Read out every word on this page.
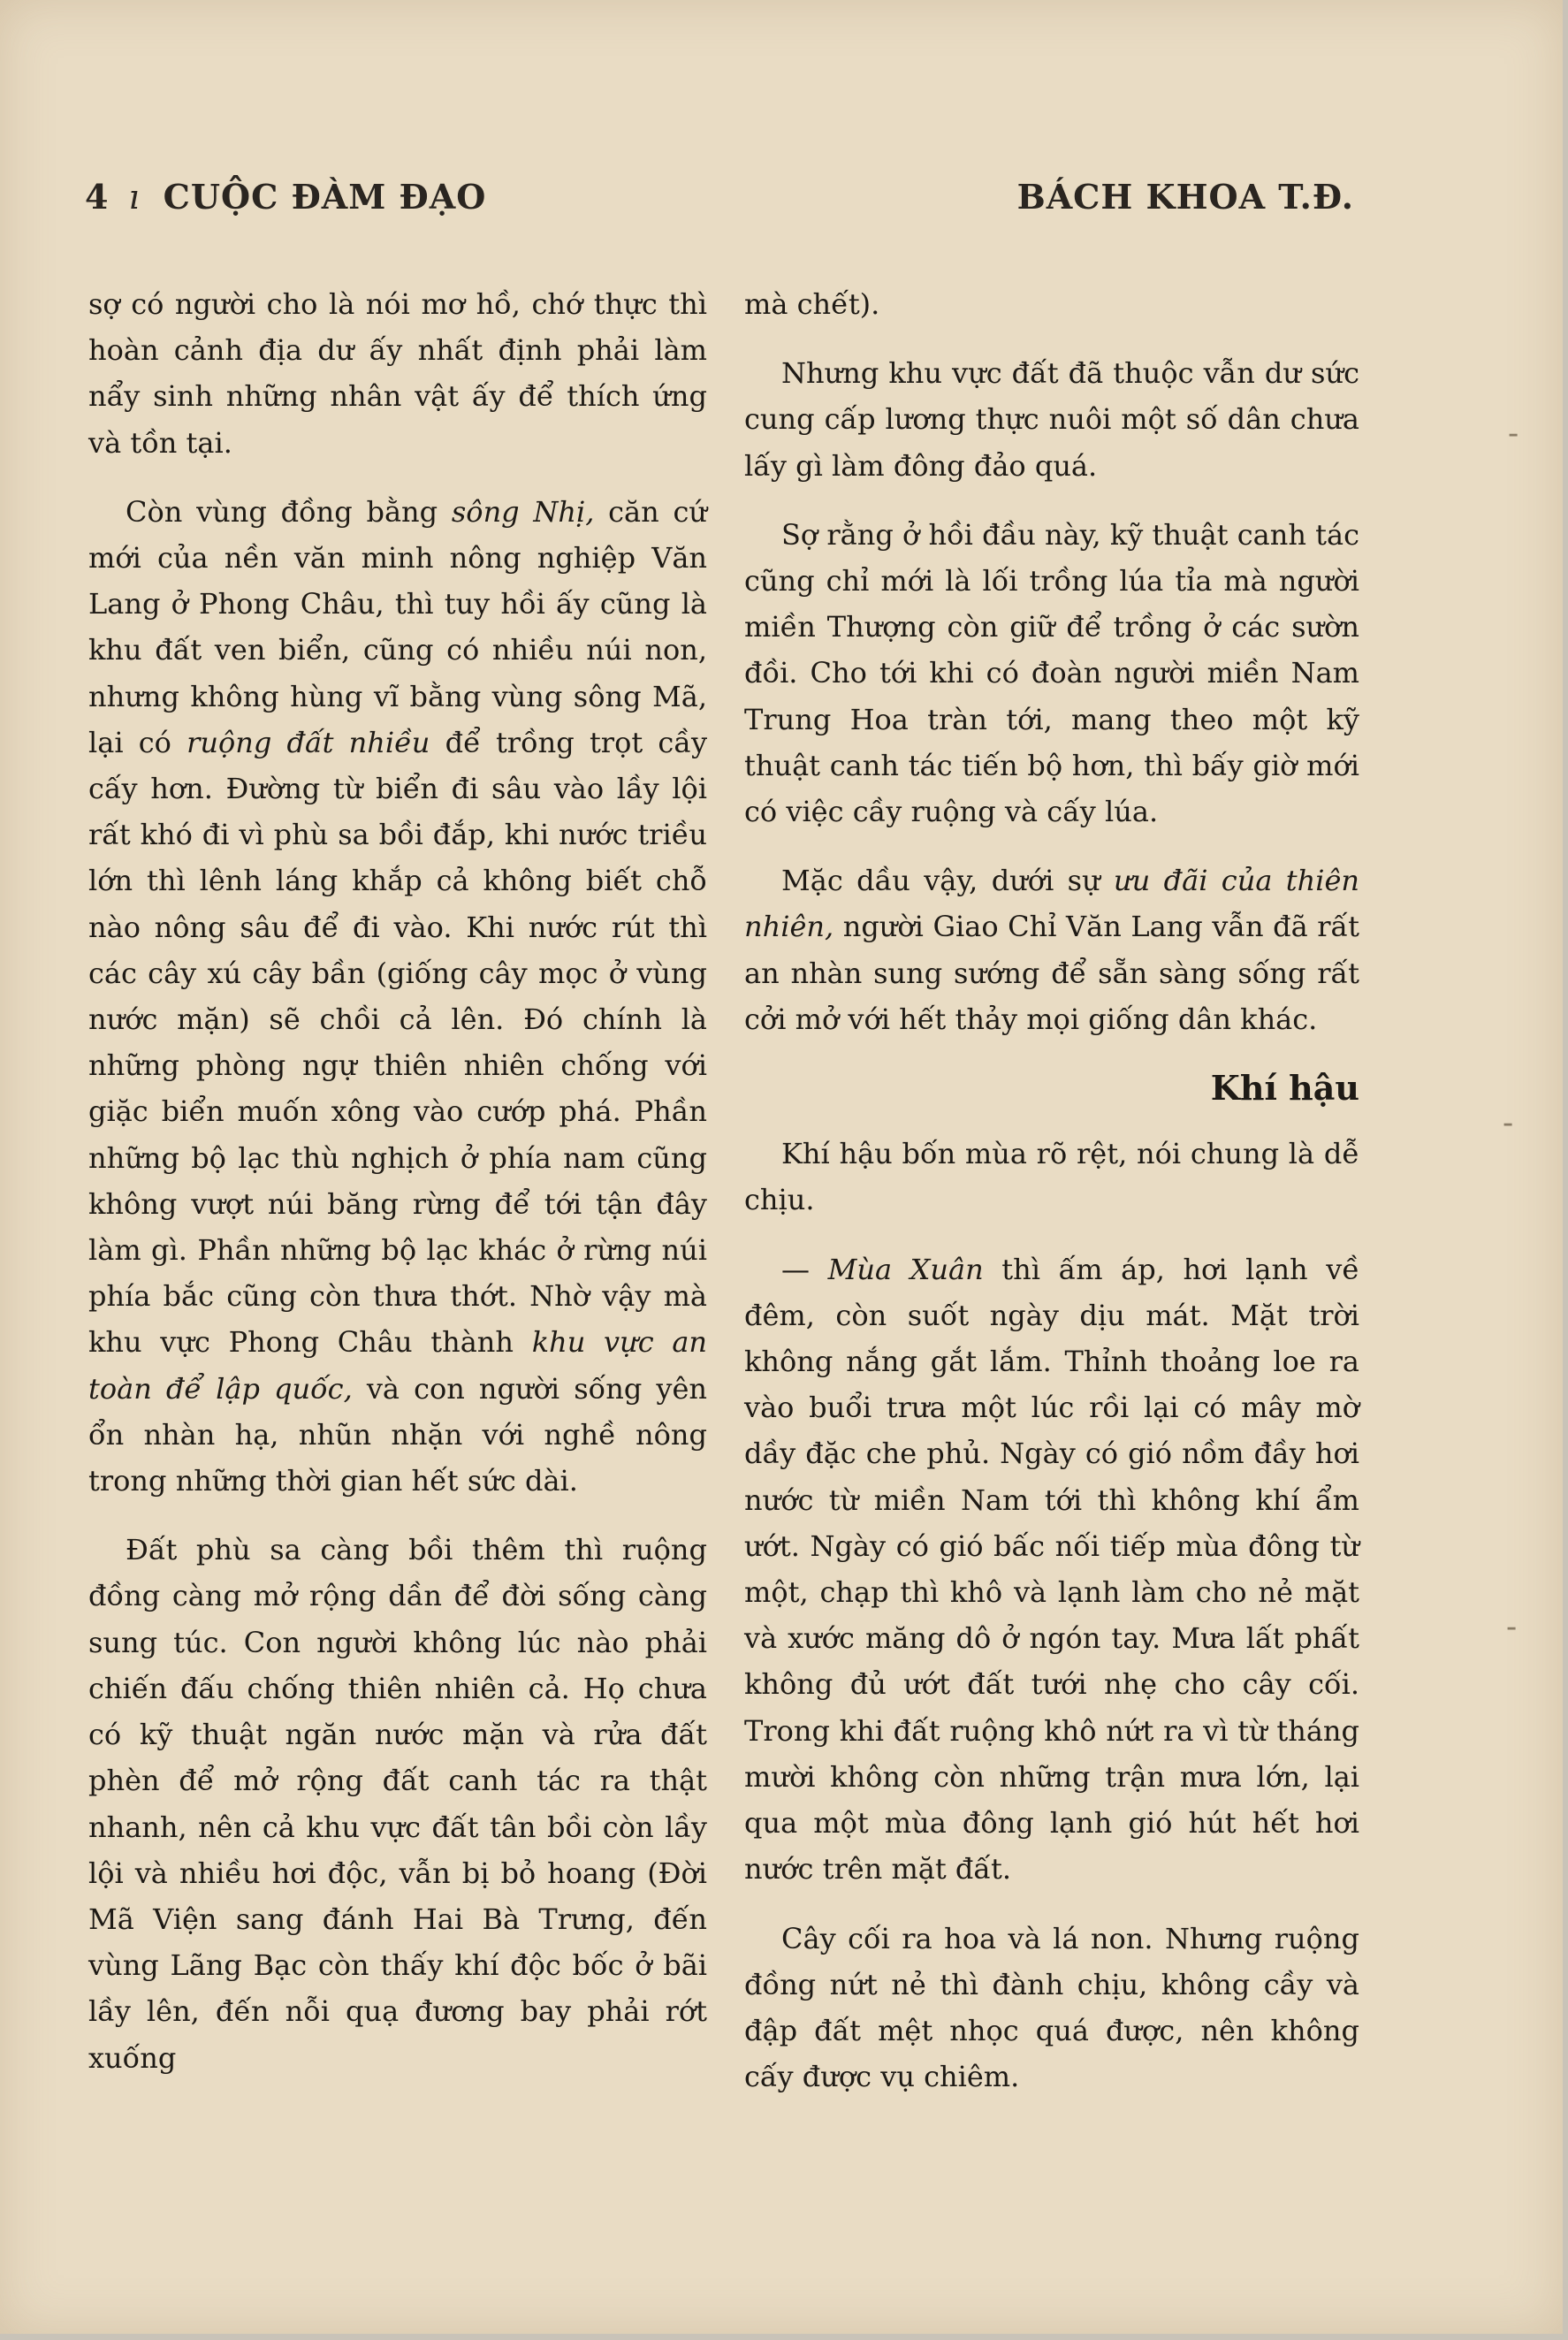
4 ı CUỘC ĐÀM ĐẠO	BÁCH KHOA T.Đ.

sợ có người cho là nói mơ hồ, chớ thực thì hoàn cảnh địa dư ấy nhất định phải làm nẩy sinh những nhân vật ấy để thích ứng và tồn tại.

Còn vùng đồng bằng sông Nhị, căn cứ mới của nền văn minh nông nghiệp Văn Lang ở Phong Châu, thì tuy hồi ấy cũng là khu đất ven biển, cũng có nhiều núi non, nhưng không hùng vĩ bằng vùng sông Mã, lại có ruộng đất nhiều để trồng trọt cầy cấy hơn. Đường từ biển đi sâu vào lầy lội rất khó đi vì phù sa bồi đắp, khi nước triều lớn thì lênh láng khắp cả không biết chỗ nào nông sâu để đi vào. Khi nước rút thì các cây xú cây bần (giống cây mọc ở vùng nước mặn) sẽ chồi cả lên. Đó chính là những phòng ngự thiên nhiên chống với giặc biển muốn xông vào cướp phá. Phần những bộ lạc thù nghịch ở phía nam cũng không vượt núi băng rừng để tới tận đây làm gì. Phần những bộ lạc khác ở rừng núi phía bắc cũng còn thưa thớt. Nhờ vậy mà khu vực Phong Châu thành khu vực an toàn để lập quốc, và con người sống yên ổn nhàn hạ, nhũn nhặn với nghề nông trong những thời gian hết sức dài.

Đất phù sa càng bồi thêm thì ruộng đồng càng mở rộng dần để đời sống càng sung túc. Con người không lúc nào phải chiến đấu chống thiên nhiên cả. Họ chưa có kỹ thuật ngăn nước mặn và rửa đất phèn để mở rộng đất canh tác ra thật nhanh, nên cả khu vực đất tân bồi còn lầy lội và nhiều hơi độc, vẫn bị bỏ hoang (Đời Mã Viện sang đánh Hai Bà Trưng, đến vùng Lãng Bạc còn thấy khí độc bốc ở bãi lầy lên, đến nỗi quạ đương bay phải rớt xuống

mà chết).

Nhưng khu vực đất đã thuộc vẫn dư sức cung cấp lương thực nuôi một số dân chưa lấy gì làm đông đảo quá.

Sợ rằng ở hồi đầu này, kỹ thuật canh tác cũng chỉ mới là lối trồng lúa tỉa mà người miền Thượng còn giữ để trồng ở các sườn đồi. Cho tới khi có đoàn người miền Nam Trung Hoa tràn tới, mang theo một kỹ thuật canh tác tiến bộ hơn, thì bấy giờ mới có việc cầy ruộng và cấy lúa.

Mặc dầu vậy, dưới sự ưu đãi của thiên nhiên, người Giao Chỉ Văn Lang vẫn đã rất an nhàn sung sướng để sẵn sàng sống rất cởi mở với hết thảy mọi giống dân khác.

Khí hậu

Khí hậu bốn mùa rõ rệt, nói chung là dễ chịu.

— Mùa Xuân thì ấm áp, hơi lạnh về đêm, còn suốt ngày dịu mát. Mặt trời không nắng gắt lắm. Thỉnh thoảng loe ra vào buổi trưa một lúc rồi lại có mây mờ dầy đặc che phủ. Ngày có gió nồm đầy hơi nước từ miền Nam tới thì không khí ẩm ướt. Ngày có gió bấc nối tiếp mùa đông từ một, chạp thì khô và lạnh làm cho nẻ mặt và xước măng dô ở ngón tay. Mưa lất phất không đủ ướt đất tưới nhẹ cho cây cối. Trong khi đất ruộng khô nứt ra vì từ tháng mười không còn những trận mưa lớn, lại qua một mùa đông lạnh gió hút hết hơi nước trên mặt đất.

Cây cối ra hoa và lá non. Nhưng ruộng đồng nứt nẻ thì đành chịu, không cầy và đập đất mệt nhọc quá được, nên không cấy được vụ chiêm.

-
-
-
